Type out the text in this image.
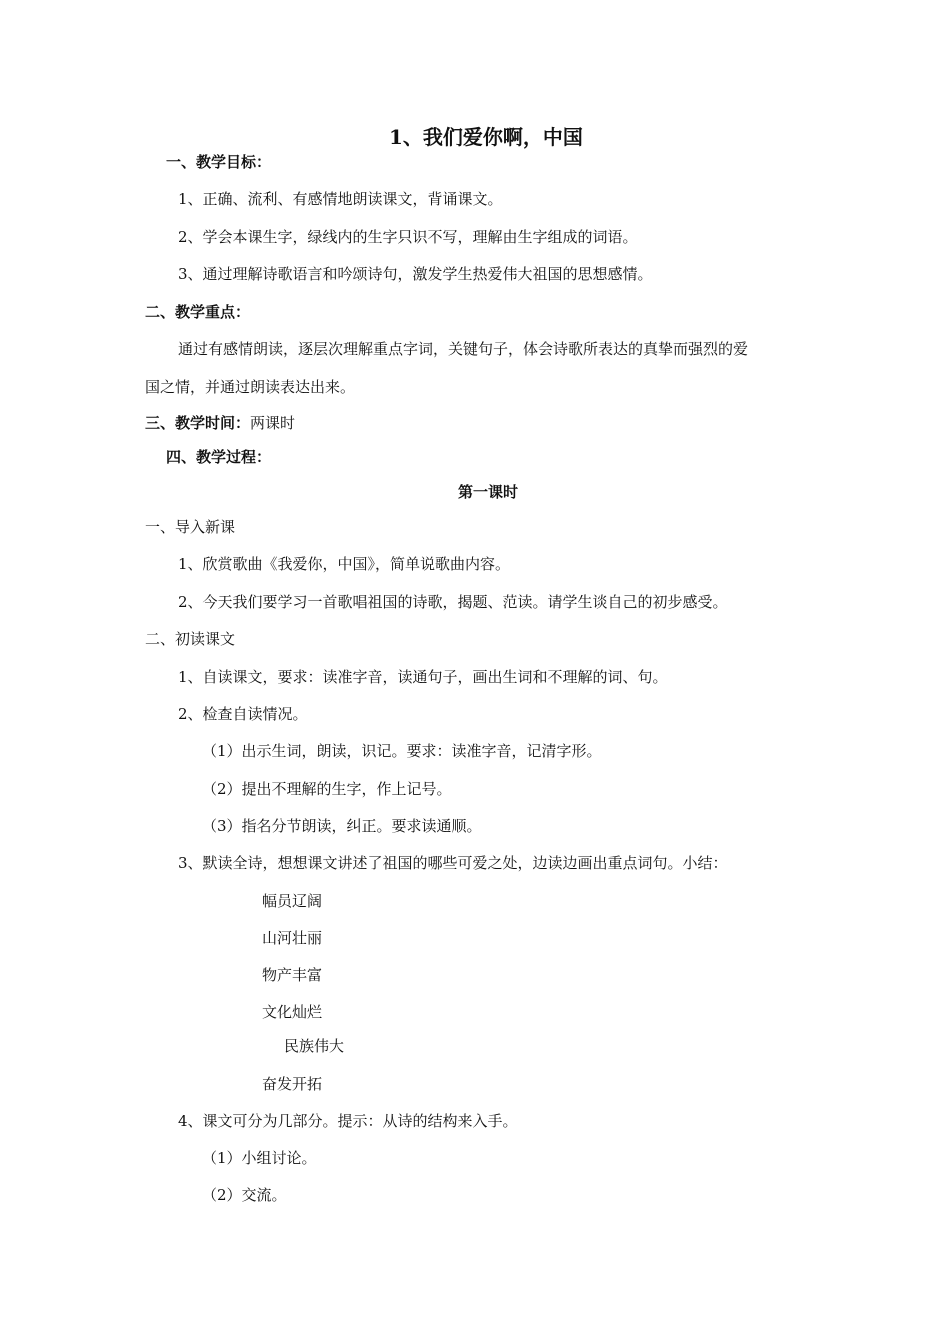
1、我们爱你啊，中国
一、教学目标：
1、正确、流利、有感情地朗读课文，背诵课文。
2、学会本课生字，绿线内的生字只识不写，理解由生字组成的词语。
3、通过理解诗歌语言和吟颂诗句，激发学生热爱伟大祖国的思想感情。
二、教学重点：
通过有感情朗读，逐层次理解重点字词，关键句子，体会诗歌所表达的真挚而强烈的爱
国之情，并通过朗读表达出来。
三、教学时间：两课时
四、教学过程：
第一课时
一、导入新课
1、欣赏歌曲《我爱你，中国》，简单说歌曲内容。
2、今天我们要学习一首歌唱祖国的诗歌，揭题、范读。请学生谈自己的初步感受。
二、初读课文
1、自读课文，要求：读准字音，读通句子，画出生词和不理解的词、句。
2、检查自读情况。
（1）出示生词，朗读，识记。要求：读准字音，记清字形。
（2）提出不理解的生字，作上记号。
（3）指名分节朗读，纠正。要求读通顺。
3、默读全诗，想想课文讲述了祖国的哪些可爱之处，边读边画出重点词句。小结：
幅员辽阔
山河壮丽
物产丰富
文化灿烂
民族伟大
奋发开拓
4、课文可分为几部分。提示：从诗的结构来入手。
（1）小组讨论。
（2）交流。
